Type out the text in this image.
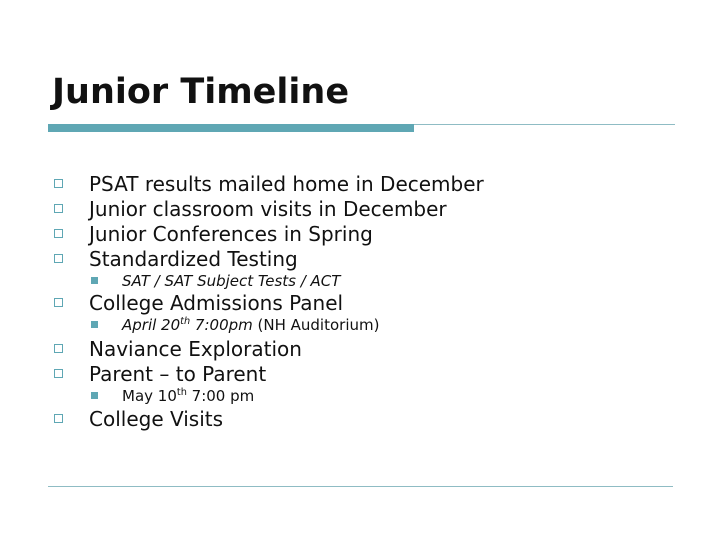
Junior Timeline
PSAT results mailed home in December
Junior classroom visits in December
Junior Conferences in Spring
Standardized Testing
SAT / SAT Subject Tests / ACT
College Admissions Panel
April 20th 7:00pm (NH Auditorium)
Naviance Exploration
Parent – to Parent
May 10th 7:00 pm
College Visits
